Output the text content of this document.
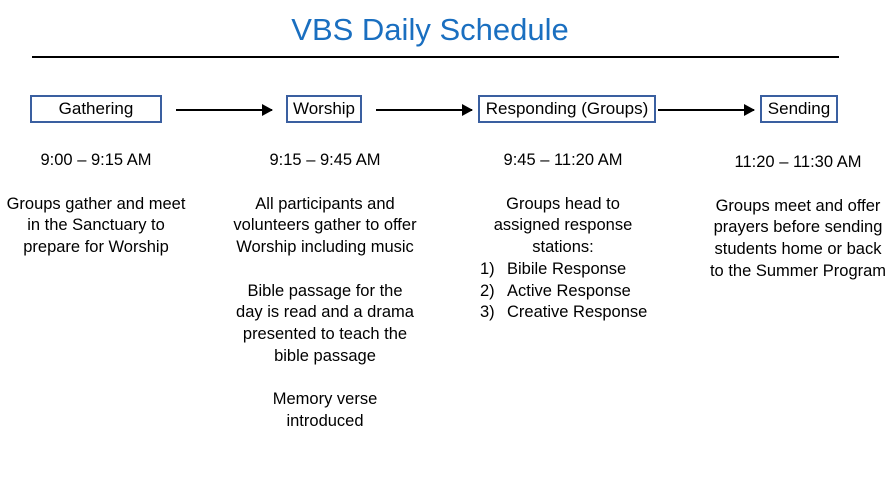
VBS Daily Schedule
Gathering	Worship	Responding (Groups)	Sending
9:00 – 9:15 AM
Groups gather and meet in the Sanctuary to prepare for Worship
9:15 – 9:45 AM
All participants and volunteers gather to offer Worship including music
Bible passage for the day is read and a drama presented to teach the bible passage
Memory verse introduced
9:45 – 11:20 AM
Groups head to assigned response stations:
1) Bibile Response
2) Active Response
3) Creative Response
11:20 – 11:30 AM
Groups meet and offer prayers before sending students home or back to the Summer Program
